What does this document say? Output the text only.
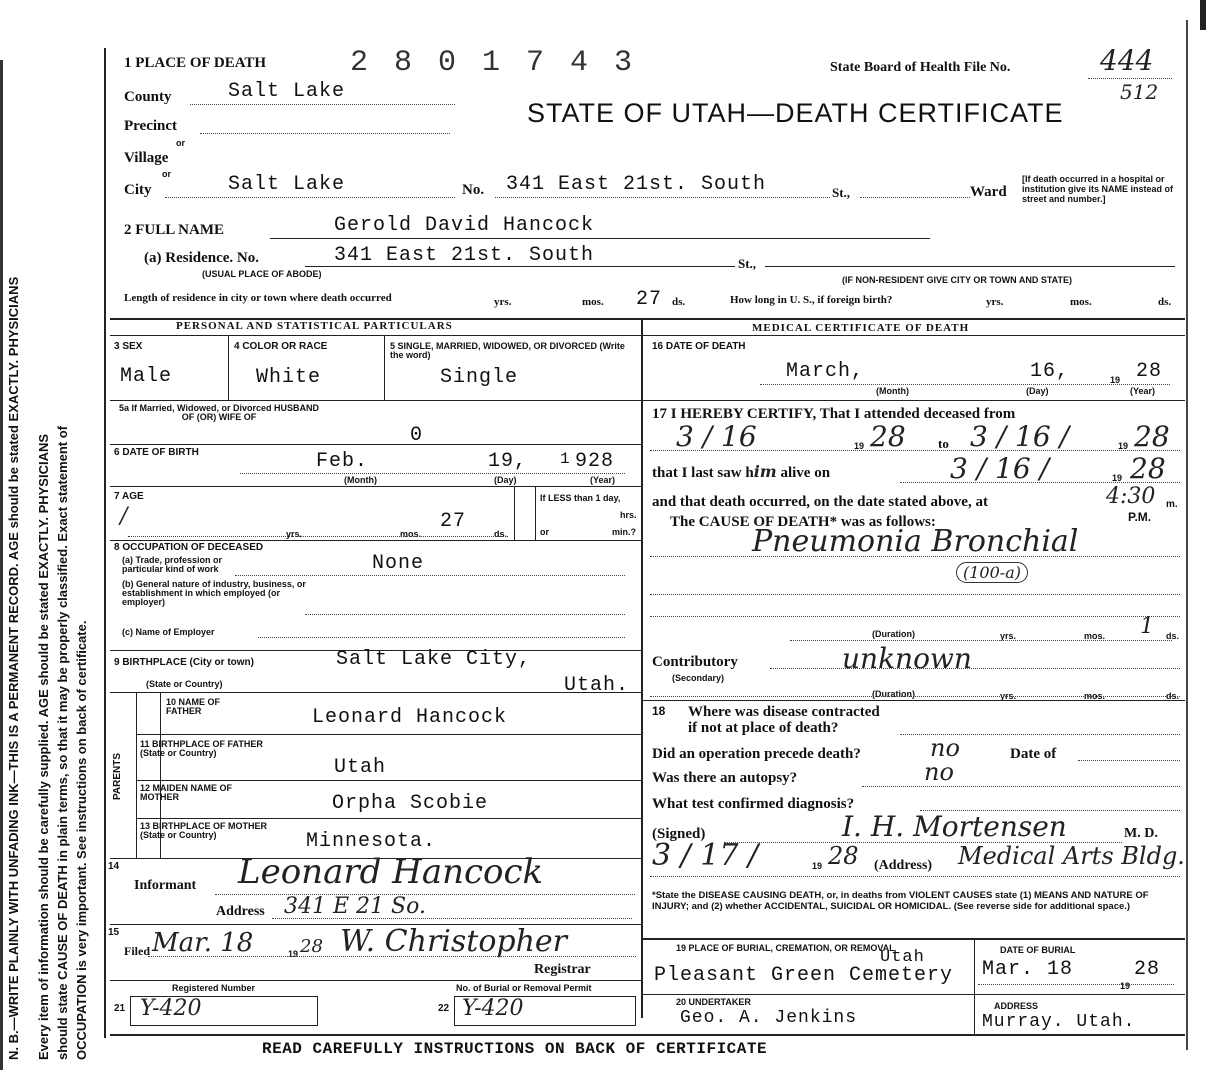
N. B.—WRITE PLAINLY WITH UNFADING INK—THIS IS A PERMANENT RECORD. AGE should be stated EXACTLY. PHYSICIANS
Every item of information should be carefully supplied. AGE should be stated EXACTLY. PHYSICIANS should state CAUSE OF DEATH in plain terms, so that it may be properly classified. Exact statement of OCCUPATION is very important. See instructions on back of certificate.
1 PLACE OF DEATH	2 8 0 1 7 4 3	State Board of Health File No.	444
512
STATE OF UTAH—DEATH CERTIFICATE
County	Salt Lake
Precinct
or
Village
or
City	Salt Lake	No. 341 East 21st. South	St.,	Ward
[If death occurred in a hospital or institution give its NAME instead of street and number.]
2 FULL NAME	Gerold David Hancock
(a) Residence. No.	341 East 21st. South	St.,
(USUAL PLACE OF ABODE)
(IF NON-RESIDENT GIVE CITY OR TOWN AND STATE)
Length of residence in city or town where death occurred	yrs.	mos. 27 ds.	How long in U. S., if foreign birth?	yrs.	mos.	ds.
PERSONAL AND STATISTICAL PARTICULARS	MEDICAL CERTIFICATE OF DEATH
3 SEX
Male
4 COLOR OR RACE
White
5 SINGLE, MARRIED, WIDOWED, OR DIVORCED (Write the word)
Single
5a If Married, Widowed, or Divorced HUSBAND OF (OR) WIFE OF
0
6 DATE OF BIRTH	Feb.	19, 1 928
(Month)	(Day)	(Year)
7 AGE
/
yrs.	mos.
27
ds.
If LESS than 1 day,
hrs.
or	min.?
8 OCCUPATION OF DECEASED
(a) Trade, profession or particular kind of work	None
(b) General nature of industry, business, or establishment in which employed (or employer)
(c) Name of Employer
9 BIRTHPLACE (City or town)	Salt Lake City,
(State or Country)	Utah.
PARENTS
10 NAME OF FATHER	Leonard Hancock
11 BIRTHPLACE OF FATHER (State or Country)
Utah
12 MAIDEN NAME OF MOTHER	Orpha Scobie
13 BIRTHPLACE OF MOTHER (State or Country)	Minnesota.
14
Informant Leonard Hancock
Address 341 E 21 So.
15
Filed Mar. 18	19 28 W. Christopher
Registrar
Registered Number	No. of Burial or Removal Permit
21 Y-420	22 Y-420
16 DATE OF DEATH
March,	16,	19 28
(Month)	(Day)	(Year)
17 I HEREBY CERTIFY, That I attended deceased from
3 / 16	19 28 to 3 / 16 /	19 28
that I last saw him alive on	3 / 16 /	19 28
and that death occurred, on the date stated above, at	4:30 m.
P.M.
The CAUSE OF DEATH* was as follows:
Pneumonia Bronchial
(100-a)
(Duration)	yrs.	mos. 1 ds.
Contributory
(Secondary)
unknown
(Duration)	yrs.	mos.	ds.
18 Where was disease contracted
if not at place of death?
Did an operation precede death?	no	Date of
Was there an autopsy?	no
What test confirmed diagnosis?
(Signed)	I. H. Mortensen	M. D.
3 / 17 /	19 28 (Address) Medical Arts Bldg.
*State the DISEASE CAUSING DEATH, or, in deaths from VIOLENT CAUSES state (1) MEANS AND NATURE OF INJURY; and (2) whether ACCIDENTAL, SUICIDAL OR HOMICIDAL. (See reverse side for additional space.)
19 PLACE OF BURIAL, CREMATION, OR REMOVAL
Utah
Pleasant Green Cemetery
DATE OF BURIAL
Mar. 18
19
28
20 UNDERTAKER
Geo. A. Jenkins
ADDRESS
Murray. Utah.
READ CAREFULLY INSTRUCTIONS ON BACK OF CERTIFICATE
